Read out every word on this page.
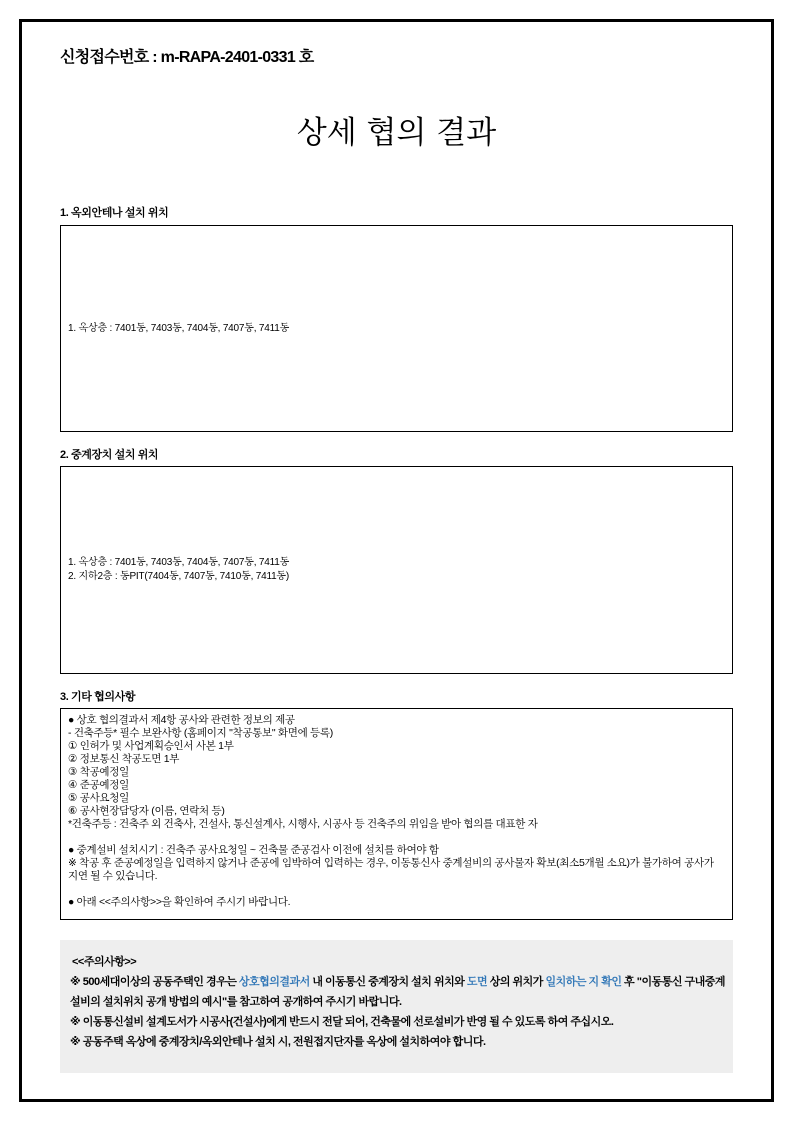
신청접수번호 : m-RAPA-2401-0331 호
상세 협의 결과
1. 옥외안테나 설치 위치
1. 옥상층 : 7401동, 7403동, 7404동, 7407동, 7411동
2. 중계장치 설치 위치
1. 옥상층 : 7401동, 7403동, 7404동, 7407동, 7411동
2. 지하2층 : 동PIT(7404동, 7407동, 7410동, 7411동)
3. 기타 협의사항
● 상호 협의결과서 제4항 공사와 관련한 정보의 제공
- 건축주등* 필수 보완사항 (홈페이지 "착공통보" 화면에 등록)
① 인허가 및 사업계획승인서 사본 1부
② 정보통신 착공도면 1부
③ 착공예정일
④ 준공예정일
⑤ 공사요청일
⑥ 공사현장담당자 (이름, 연락처 등)
*건축주등 : 건축주 외 건축사, 건설사, 통신설계사, 시행사, 시공사 등 건축주의 위임을 받아 협의를 대표한 자
● 중계설비 설치시기 : 건축주 공사요청일 ~ 건축물 준공검사 이전에 설치를 하여야 함
※ 착공 후 준공예정일을 입력하지 않거나 준공에 임박하여 입력하는 경우, 이동통신사 중계설비의 공사물자 확보(최소5개월 소요)가 불가하여 공사가 지연 될 수 있습니다.
● 아래 <<주의사항>>을 확인하여 주시기 바랍니다.
<<주의사항>>
※ 500세대이상의 공동주택인 경우는 상호협의결과서 내 이동통신 중계장치 설치 위치와 도면 상의 위치가 일치하는 지 확인 후 "이동통신 구내중계 설비의 설치위치 공개 방법의 예시"를 참고하여 공개하여 주시기 바랍니다.
※ 이동통신설비 설계도서가 시공사(건설사)에게 반드시 전달 되어, 건축물에 선로설비가 반영 될 수 있도록 하여 주십시오.
※ 공동주택 옥상에 중계장치/옥외안테나 설치 시, 전원접지단자를 옥상에 설치하여야 합니다.
